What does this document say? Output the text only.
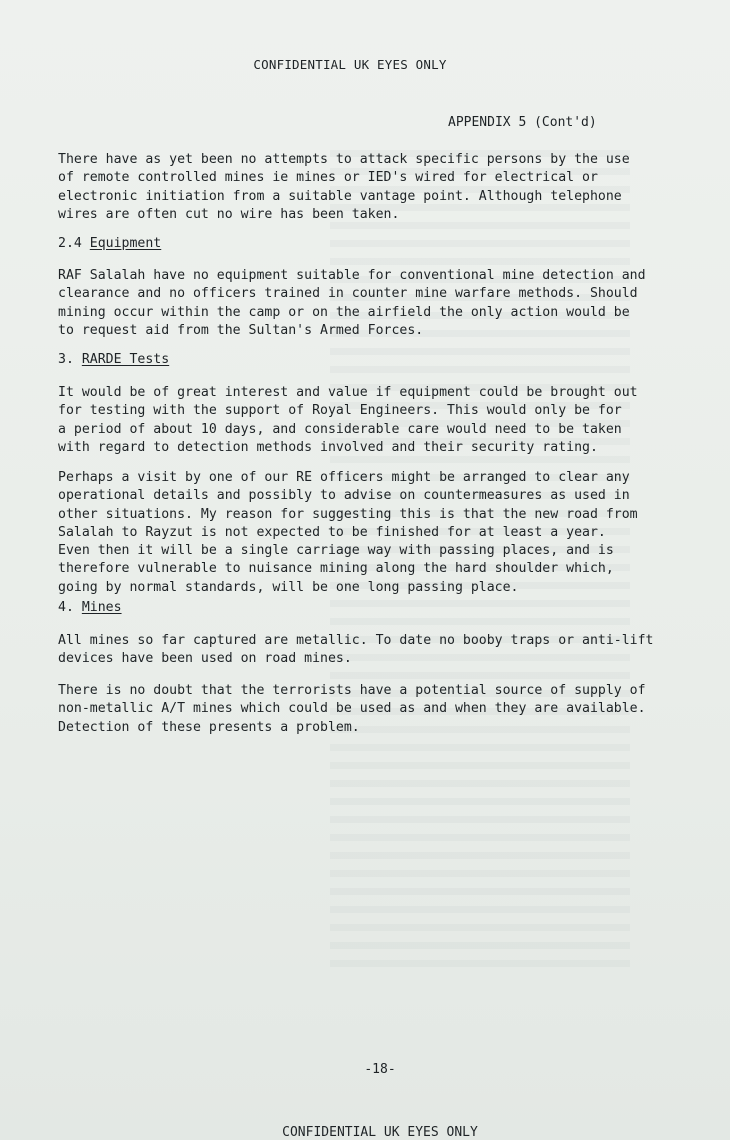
CONFIDENTIAL UK EYES ONLY
APPENDIX 5 (Cont'd)

There have as yet been no attempts to attack specific persons by the use
of remote controlled mines ie mines or IED's wired for electrical or
electronic initiation from a suitable vantage point. Although telephone
wires are often cut no wire has been taken.

2.4 Equipment

RAF Salalah have no equipment suitable for conventional mine detection and
clearance and no officers trained in counter mine warfare methods. Should
mining occur within the camp or on the airfield the only action would be
to request aid from the Sultan's Armed Forces.

3. RARDE Tests

It would be of great interest and value if equipment could be brought out
for testing with the support of Royal Engineers. This would only be for
a period of about 10 days, and considerable care would need to be taken
with regard to detection methods involved and their security rating.

Perhaps a visit by one of our RE officers might be arranged to clear any
operational details and possibly to advise on countermeasures as used in
other situations. My reason for suggesting this is that the new road from
Salalah to Rayzut is not expected to be finished for at least a year.
Even then it will be a single carriage way with passing places, and is
therefore vulnerable to nuisance mining along the hard shoulder which,
going by normal standards, will be one long passing place.

4. Mines

All mines so far captured are metallic. To date no booby traps or anti-lift
devices have been used on road mines.

There is no doubt that the terrorists have a potential source of supply of
non-metallic A/T mines which could be used as and when they are available.
Detection of these presents a problem.

-18-
CONFIDENTIAL UK EYES ONLY
